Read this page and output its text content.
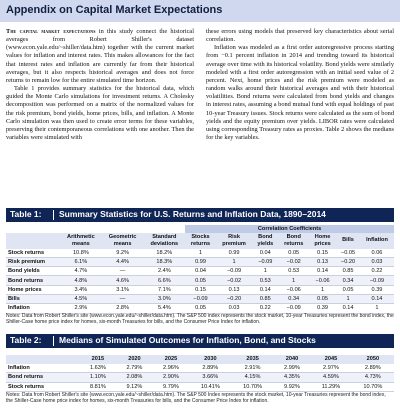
Appendix on Capital Market Expectations

The capital market expectations in this study connect the historical averages from Robert Shiller's dataset (www.econ.yale.edu/~shiller/data.htm) together with the current market values for inflation and interest rates. This makes allowances for the fact that interest rates and inflation are currently far from their historical averages, but it also respects historical averages and does not force returns to remain low for the entire simulated time horizon.

Table 1 provides summary statistics for the historical data, which guided the Monte Carlo simulations for investment returns. A Cholesky decomposition was performed on a matrix of the normalized values for the risk premium, bond yields, home prices, bills, and inflation. A Monte Carlo simulation was then used to create error terms for these variables, preserving their contemporaneous correlations with one another. Then the variables were simulated with

these errors using models that preserved key characteristics about serial correlation.

Inflation was modeled as a first order autoregressive process starting from −0.1 percent inflation in 2014 and trending toward its historical average over time with its historical volatility. Bond yields were similarly modeled with a first order autoregression with an initial seed value of 2 percent. Next, home prices and the risk premium were modeled as random walks around their historical averages and with their historical volatilities. Bond returns were calculated from bond yields and changes in interest rates, assuming a bond mutual fund with equal holdings of past 10-year Treasury issues. Stock returns were calculated as the sum of bond yields and the equity premium over yields. LIBOR rates were calculated using corresponding Treasury rates as proxies. Table 2 shows the medians for the key variables.

Table 1: Summary Statistics for U.S. Returns and Inflation Data, 1890–2014
				Correlation Coefficients						
	Arithmetic
means	Geometric
means	Standard
deviations	Stocks
returns	Risk
premium	Bond
yields	Bond
returns	Home
prices	Bills	Inflation

Stock returns	10.8%	9.2%	18.2%	1	0.99	0.04	0.05	0.15	−0.05	0.06
Risk premium	6.1%	4.4%	18.3%	0.99	1	−0.09	−0.02	0.13	−0.20	0.03
Bond yields	4.7%	—	2.4%	0.04	−0.09	1	0.53	0.14	0.85	0.22
Bond returns	4.8%	4.6%	6.6%	0.05	−0.02	0.53	1	−0.06	0.34	−0.09
Home prices	3.4%	3.1%	7.1%	0.15	0.13	0.14	−0.06	1	0.05	0.39
Bills	4.5%	—	3.0%	−0.09	−0.20	0.85	0.34	0.05	1	0.14
Inflation	2.9%	2.8%	5.4%	0.05	0.03	0.22	−0.09	0.39	0.14	1
Notes: Data from Robert Shiller's site (www.econ.yale.edu/~shiller/data.htm). The S&P 500 index represents the stock market, 10-year Treasuries represent the bond index, the Shiller-Case home price index for homes, six-month Treasuries for bills, and the Consumer Price Index for inflation.
Table 2: Medians of Simulated Outcomes for Inflation, Bond, and Stocks
	2015	2020	2025	2030	2035	2040	2045	2050
Inflation	1.63%	2.79%	2.96%	2.89%	2.91%	2.99%	2.97%	2.89%
Bond returns	1.10%	2.08%	2.90%	3.66%	4.15%	4.35%	4.59%	4.73%
Stock returns	8.81%	9.12%	9.79%	10.41%	10.70%	9.92%	11.29%	10.70%
Notes: Data from Robert Shiller's site (www.econ.yale.edu/~shiller/data.htm). The S&P 500 Index represents the stock market, 10-year Treasuries represent the bond index, the Shiller-Case home price index for homes, six-month Treasuries for bills, and the Consumer Price Index for inflation.
